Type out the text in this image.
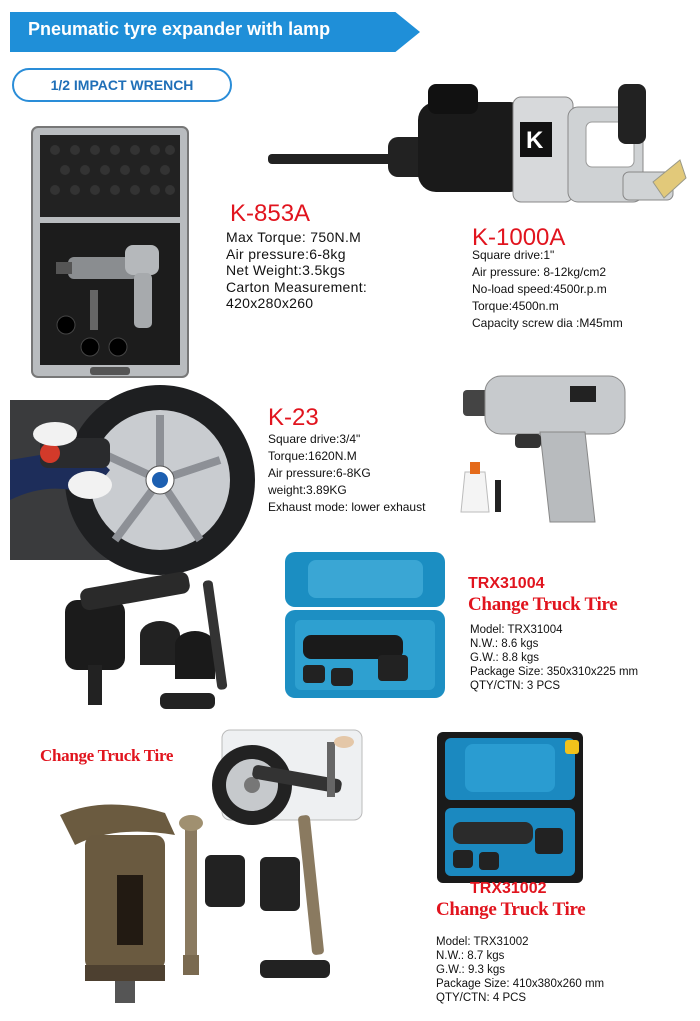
Pneumatic tyre expander with lamp
1/2 IMPACT WRENCH
K-853A
Max Torque: 750N.M
Air pressure:6-8kg
Net Weight:3.5kgs
Carton Measurement:
420x280x260
K
K-1000A
Square drive:1"
Air pressure: 8-12kg/cm2
No-load speed:4500r.p.m
Torque:4500n.m
Capacity screw dia :M45mm
K-23
Square drive:3/4"
Torque:1620N.M
Air pressure:6-8KG
weight:3.89KG
Exhaust mode: lower exhaust
TRX31004
Change Truck Tire
Model: TRX31004
N.W.: 8.6 kgs
G.W.: 8.8 kgs
Package Size: 350x310x225 mm
QTY/CTN: 3 PCS
Change Truck Tire
TRX31002
Change Truck Tire
Model: TRX31002
N.W.: 8.7 kgs
G.W.: 9.3 kgs
Package Size: 410x380x260 mm
QTY/CTN: 4 PCS
